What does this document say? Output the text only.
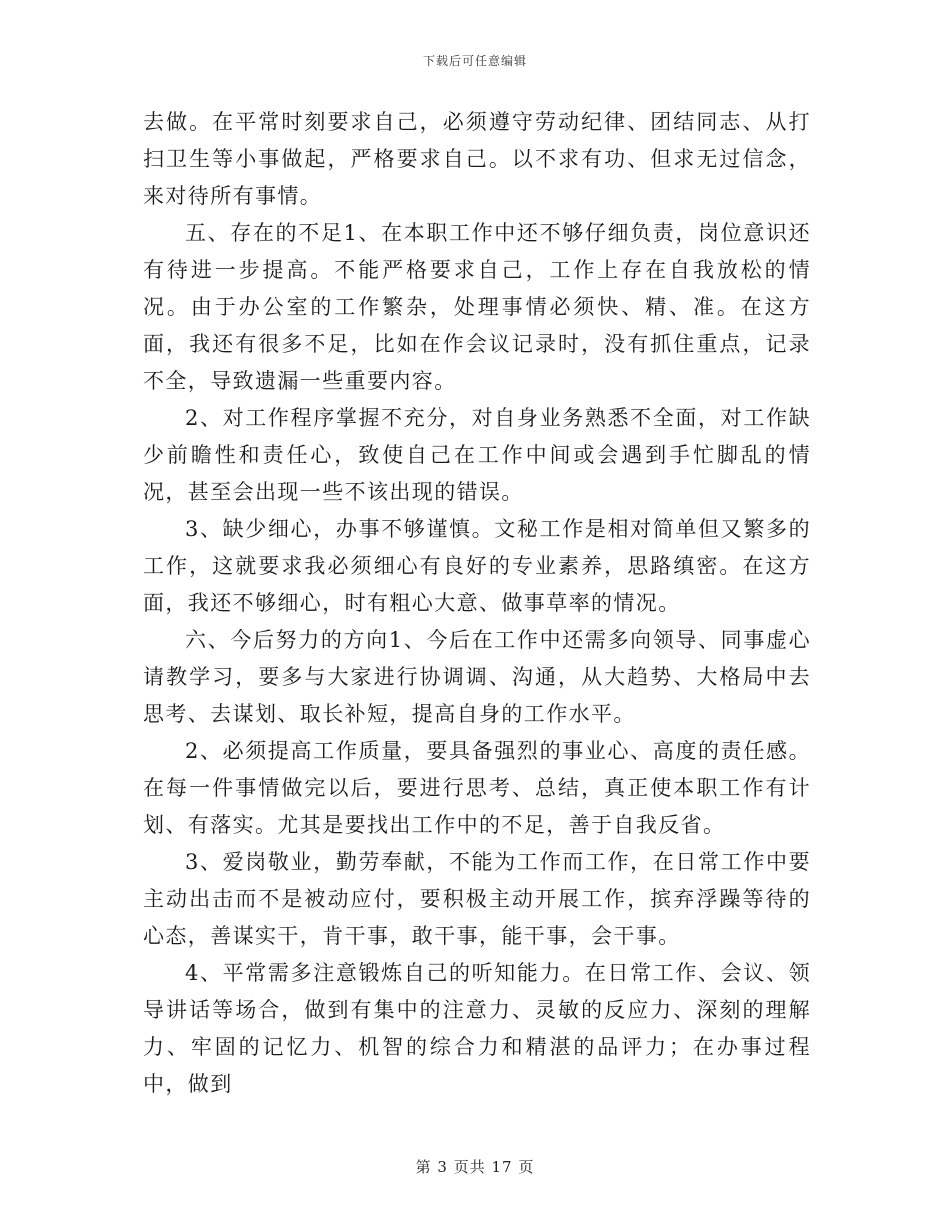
下载后可任意编辑

去做。在平常时刻要求自己，必须遵守劳动纪律、团结同志、从打扫卫生等小事做起，严格要求自己。以不求有功、但求无过信念，来对待所有事情。

五、存在的不足1、在本职工作中还不够仔细负责，岗位意识还有待进一步提高。不能严格要求自己，工作上存在自我放松的情况。由于办公室的工作繁杂，处理事情必须快、精、准。在这方面，我还有很多不足，比如在作会议记录时，没有抓住重点，记录不全，导致遗漏一些重要内容。

2、对工作程序掌握不充分，对自身业务熟悉不全面，对工作缺少前瞻性和责任心，致使自己在工作中间或会遇到手忙脚乱的情况，甚至会出现一些不该出现的错误。

3、缺少细心，办事不够谨慎。文秘工作是相对简单但又繁多的工作，这就要求我必须细心有良好的专业素养，思路缜密。在这方面，我还不够细心，时有粗心大意、做事草率的情况。

六、今后努力的方向1、今后在工作中还需多向领导、同事虚心请教学习，要多与大家进行协调调、沟通，从大趋势、大格局中去思考、去谋划、取长补短，提高自身的工作水平。

2、必须提高工作质量，要具备强烈的事业心、高度的责任感。在每一件事情做完以后，要进行思考、总结，真正使本职工作有计划、有落实。尤其是要找出工作中的不足，善于自我反省。

3、爱岗敬业，勤劳奉献，不能为工作而工作，在日常工作中要主动出击而不是被动应付，要积极主动开展工作，摈弃浮躁等待的心态，善谋实干，肯干事，敢干事，能干事，会干事。

4、平常需多注意锻炼自己的听知能力。在日常工作、会议、领导讲话等场合，做到有集中的注意力、灵敏的反应力、深刻的理解力、牢固的记忆力、机智的综合力和精湛的品评力；在办事过程中，做到

第 3 页共 17 页
